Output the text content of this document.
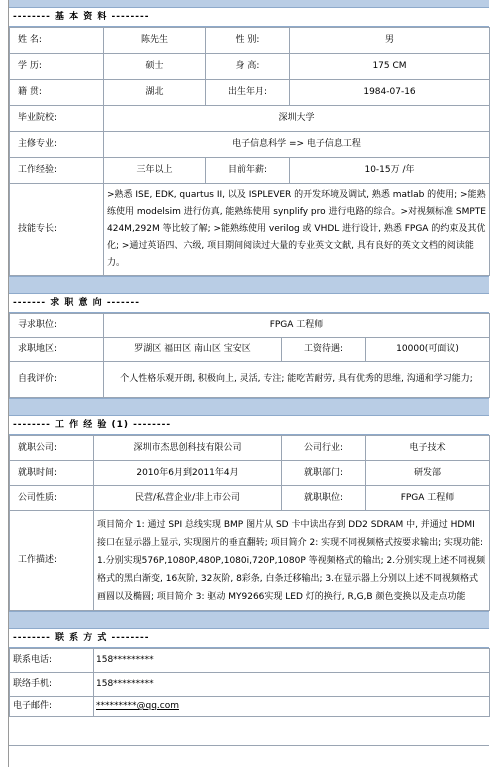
-------- 基 本 资 料 --------
姓 名:	陈先生	性 别:	男
学 历:	硕士	身 高:	175 CM
籍 贯:	湖北	出生年月:	1984-07-16
毕业院校:	深圳大学		
主修专业:	电子信息科学 => 电子信息工程		
工作经验:	三年以上	目前年薪:	10-15万 /年
技能专长:	>熟悉 ISE, EDK, quartus II, 以及 ISPLEVER 的开发环境及调试, 熟悉 matlab 的使用; >能熟练使用 modelsim 进行仿真, 能熟练使用 synplify pro 进行电路的综合。>对视频标准 SMPTE 424M,292M 等比较了解; >能熟练使用 verilog 或 VHDL 进行设计, 熟悉 FPGA 的约束及其优化; >通过英语四、六级, 项目期间阅读过大量的专业英文文献, 具有良好的英文文档的阅读能力。		
------- 求 职 意 向 -------
寻求职位:	FPGA 工程师		
求职地区:	罗湖区 福田区 南山区 宝安区	工资待遇:	10000(可面议)
自我评价:	个人性格乐观开朗, 积极向上, 灵活, 专注; 能吃苦耐劳, 具有优秀的思维, 沟通和学习能力;		
-------- 工 作 经 验 (1) --------
就职公司:	深圳市杰思创科技有限公司	公司行业:	电子技术
就职时间:	2010年6月到2011年4月	就职部门:	研发部
公司性质:	民营/私营企业/非上市公司	就职职位:	FPGA 工程师
工作描述:	项目简介 1: 通过 SPI 总线实现 BMP 图片从 SD 卡中读出存到 DD2 SDRAM 中, 并通过 HDMI 接口在显示器上显示, 实现图片的垂直翻转; 项目简介 2: 实现不同视频格式按要求输出; 实现功能: 1.分别实现576P,1080P,480P,1080i,720P,1080P 等视频格式的输出; 2.分别实现上述不同视频格式的黑白渐变, 16灰阶, 32灰阶, 8彩条, 白条迁移输出; 3.在显示器上分别以上述不同视频格式画圆以及椭圆; 项目简介 3: 驱动 MY9266实现 LED 灯的换行, R,G,B 颜色变换以及走点功能		
-------- 联 系 方 式 --------
联系电话:	158*********
联络手机:	158*********
电子邮件:	*********@qq.com
